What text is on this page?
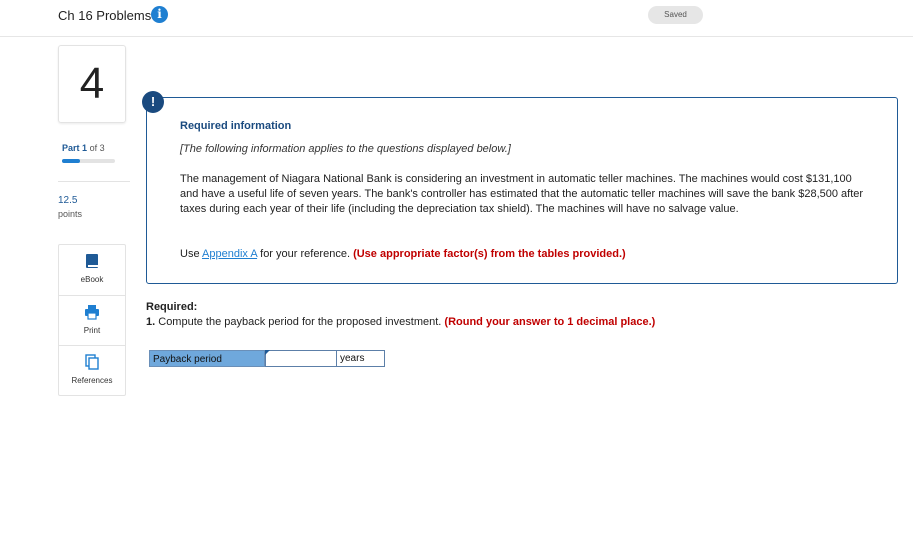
Ch 16 Problems i	Saved
4
Part 1 of 3
12.5
points
eBook
Print
References
!
Required information
[The following information applies to the questions displayed below.]
The management of Niagara National Bank is considering an investment in automatic teller machines. The machines would cost $131,100 and have a useful life of seven years. The bank's controller has estimated that the automatic teller machines will save the bank $28,500 after taxes during each year of their life (including the depreciation tax shield). The machines will have no salvage value.
Use Appendix A for your reference. (Use appropriate factor(s) from the tables provided.)
Required:
1. Compute the payback period for the proposed investment. (Round your answer to 1 decimal place.)
Payback period	years
